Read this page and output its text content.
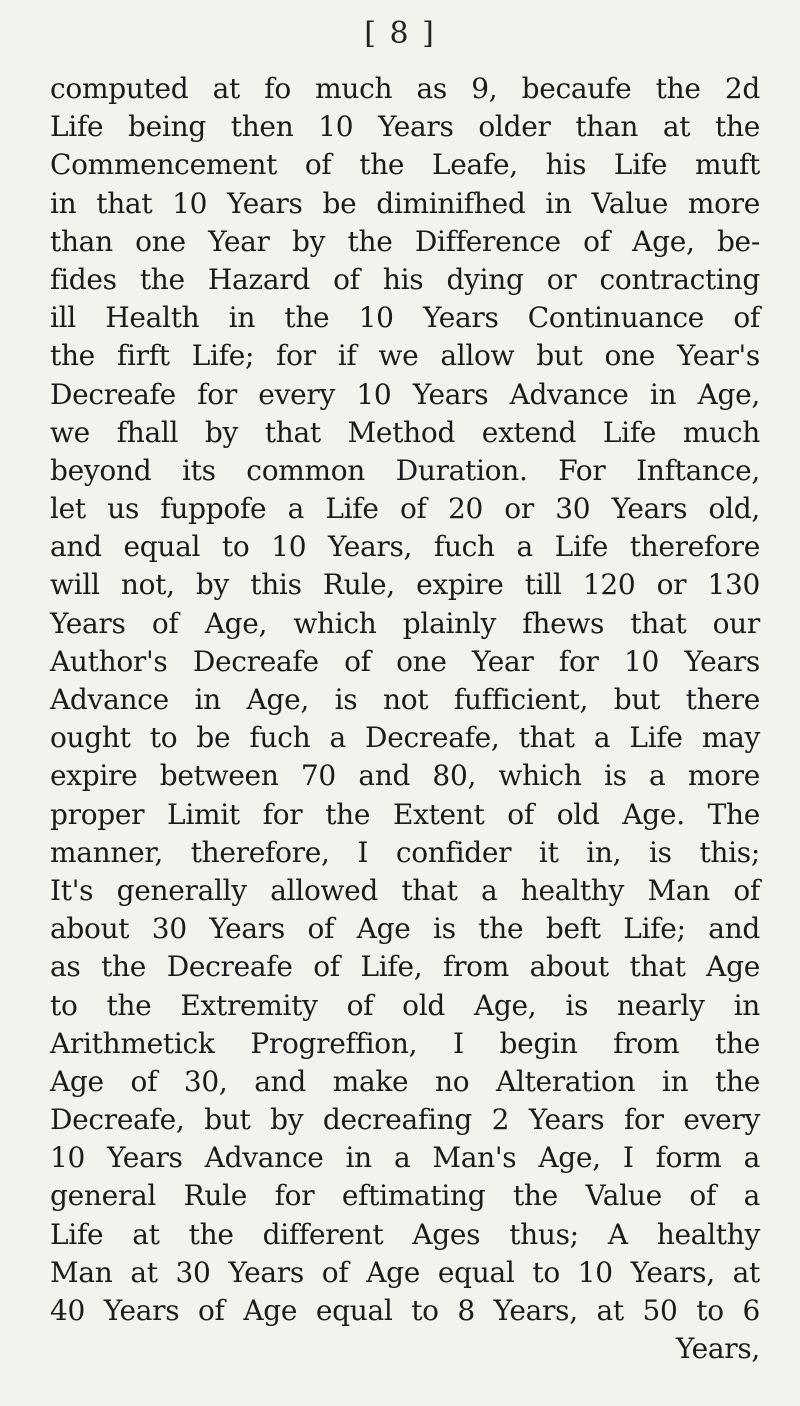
[ 8 ]
computed at fo much as 9, becaufe the 2d
Life being then 10 Years older than at the
Commencement of the Leafe, his Life muft
in that 10 Years be diminifhed in Value more
than one Year by the Difference of Age, be-
fides the Hazard of his dying or contracting
ill Health in the 10 Years Continuance of
the firft Life; for if we allow but one Year's
Decreafe for every 10 Years Advance in Age,
we fhall by that Method extend Life much
beyond its common Duration. For Inftance,
let us fuppofe a Life of 20 or 30 Years old,
and equal to 10 Years, fuch a Life therefore
will not, by this Rule, expire till 120 or 130
Years of Age, which plainly fhews that our
Author's Decreafe of one Year for 10 Years
Advance in Age, is not fufficient, but there
ought to be fuch a Decreafe, that a Life may
expire between 70 and 80, which is a more
proper Limit for the Extent of old Age. The
manner, therefore, I confider it in, is this;
It's generally allowed that a healthy Man of
about 30 Years of Age is the beft Life; and
as the Decreafe of Life, from about that Age
to the Extremity of old Age, is nearly in
Arithmetick Progreffion, I begin from the
Age of 30, and make no Alteration in the
Decreafe, but by decreafing 2 Years for every
10 Years Advance in a Man's Age, I form a
general Rule for eftimating the Value of a
Life at the different Ages thus; A healthy
Man at 30 Years of Age equal to 10 Years, at
40 Years of Age equal to 8 Years, at 50 to 6
Years,
